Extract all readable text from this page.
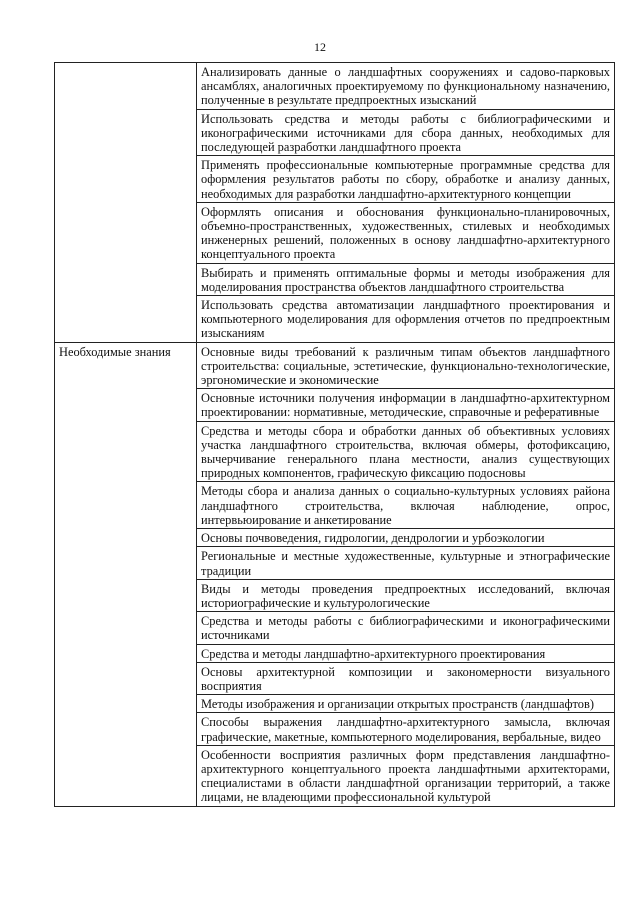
12
	Анализировать данные о ландшафтных сооружениях и садово-парковых ансамблях, аналогичных проектируемому по функциональному назначению, полученные в результате предпроектных изысканий
	Использовать средства и методы работы с библиографическими и иконографическими источниками для сбора данных, необходимых для последующей разработки ландшафтного проекта
	Применять профессиональные компьютерные программные средства для оформления результатов работы по сбору, обработке и анализу данных, необходимых для разработки ландшафтно-архитектурного концепции
	Оформлять описания и обоснования функционально-планировочных, объемно-пространственных, художественных, стилевых и необходимых инженерных решений, положенных в основу ландшафтно-архитектурного концептуального проекта
	Выбирать и применять оптимальные формы и методы изображения для моделирования пространства объектов ландшафтного строительства
	Использовать средства автоматизации ландшафтного проектирования и компьютерного моделирования для оформления отчетов по предпроектным изысканиям
Необходимые знания	Основные виды требований к различным типам объектов ландшафтного строительства: социальные, эстетические, функционально-технологические, эргономические и экономические
	Основные источники получения информации в ландшафтно-архитектурном проектировании: нормативные, методические, справочные и реферативные
	Средства и методы сбора и обработки данных об объективных условиях участка ландшафтного строительства, включая обмеры, фотофиксацию, вычерчивание генерального плана местности, анализ существующих природных компонентов, графическую фиксацию подосновы
	Методы сбора и анализа данных о социально-культурных условиях района ландшафтного строительства, включая наблюдение, опрос, интервьюирование и анкетирование
	Основы почвоведения, гидрологии, дендрологии и урбоэкологии
	Региональные и местные художественные, культурные и этнографические традиции
	Виды и методы проведения предпроектных исследований, включая историографические и культурологические
	Средства и методы работы с библиографическими и иконографическими источниками
	Средства и методы ландшафтно-архитектурного проектирования
	Основы архитектурной композиции и закономерности визуального восприятия
	Методы изображения и организации открытых пространств (ландшафтов)
	Способы выражения ландшафтно-архитектурного замысла, включая графические, макетные, компьютерного моделирования, вербальные, видео
	Особенности восприятия различных форм представления ландшафтно-архитектурного концептуального проекта ландшафтными архитекторами, специалистами в области ландшафтной организации территорий, а также лицами, не владеющими профессиональной культурой
